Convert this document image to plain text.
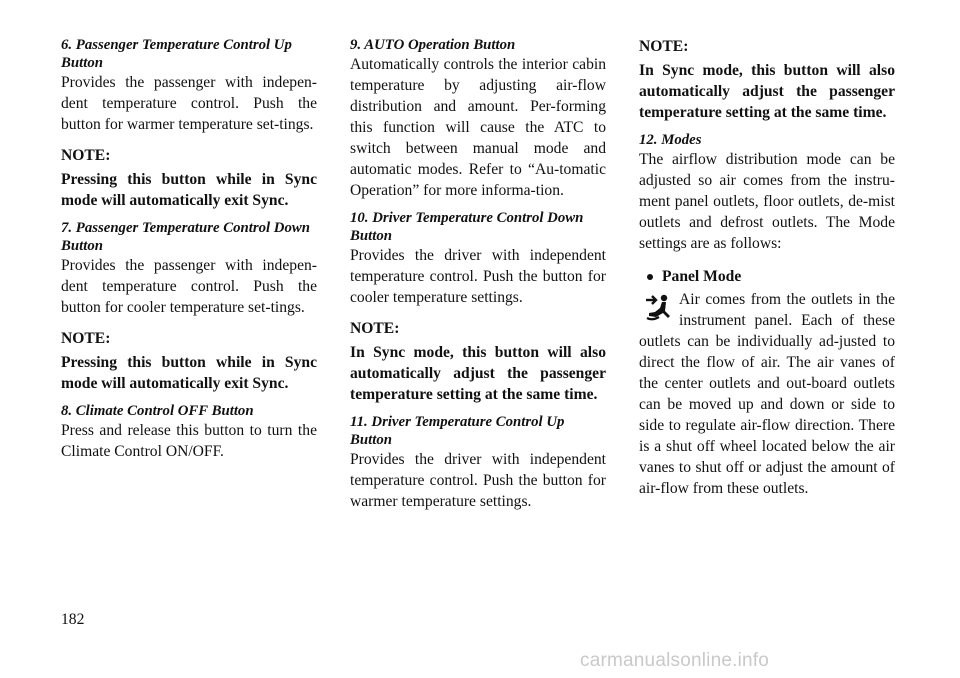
6. Passenger Temperature Control Up Button

Provides the passenger with indepen-dent temperature control. Push the button for warmer temperature set-tings.

NOTE:

Pressing this button while in Sync mode will automatically exit Sync.

7. Passenger Temperature Control Down Button

Provides the passenger with indepen-dent temperature control. Push the button for cooler temperature set-tings.

NOTE:

Pressing this button while in Sync mode will automatically exit Sync.

8. Climate Control OFF Button

Press and release this button to turn the Climate Control ON/OFF.

9. AUTO Operation Button

Automatically controls the interior cabin temperature by adjusting air-flow distribution and amount. Per-forming this function will cause the ATC to switch between manual mode and automatic modes. Refer to “Au-tomatic Operation” for more informa-tion.

10. Driver Temperature Control Down Button

Provides the driver with independent temperature control. Push the button for cooler temperature settings.

NOTE:

In Sync mode, this button will also automatically adjust the passenger temperature setting at the same time.

11. Driver Temperature Control Up Button

Provides the driver with independent temperature control. Push the button for warmer temperature settings.

NOTE:

In Sync mode, this button will also automatically adjust the passenger temperature setting at the same time.

12. Modes

The airflow distribution mode can be adjusted so air comes from the instru-ment panel outlets, floor outlets, de-mist outlets and defrost outlets. The Mode settings are as follows:

Panel Mode

Air comes from the outlets in the instrument panel. Each of these outlets can be individually ad-justed to direct the flow of air. The air vanes of the center outlets and out-board outlets can be moved up and down or side to side to regulate air-flow direction. There is a shut off wheel located below the air vanes to shut off or adjust the amount of air-flow from these outlets.

182
carmanualsonline.info
